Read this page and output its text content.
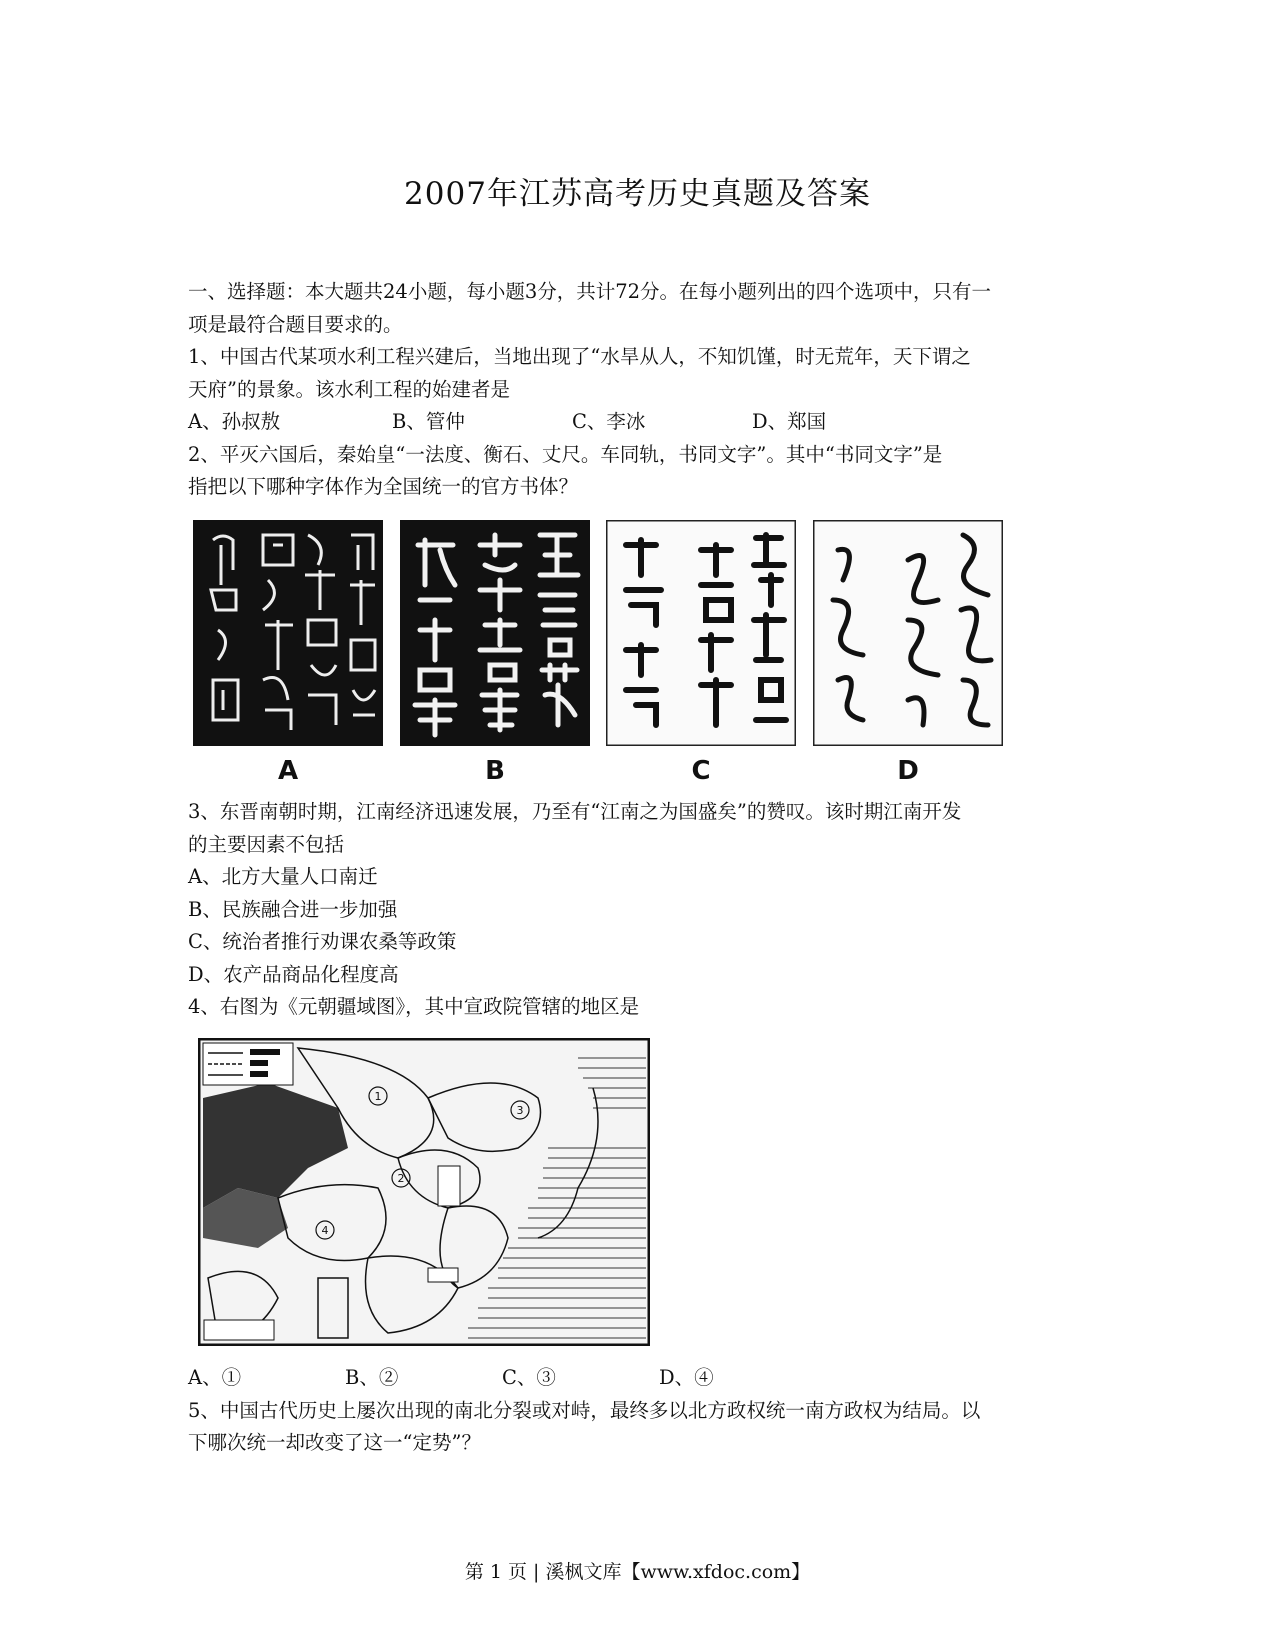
2007年江苏高考历史真题及答案
一、选择题：本大题共24小题，每小题3分，共计72分。在每小题列出的四个选项中，只有一
项是最符合题目要求的。
1、中国古代某项水利工程兴建后，当地出现了“水旱从人，不知饥馑，时无荒年，天下谓之
天府”的景象。该水利工程的始建者是
A、孙叔敖	B、管仲	C、李冰	D、郑国
2、平灭六国后，秦始皇“一法度、衡石、丈尺。车同轨，书同文字”。其中“书同文字”是
指把以下哪种字体作为全国统一的官方书体？
A	B	C	D
3、东晋南朝时期，江南经济迅速发展，乃至有“江南之为国盛矣”的赞叹。该时期江南开发
的主要因素不包括
A、北方大量人口南迁
B、民族融合进一步加强
C、统治者推行劝课农桑等政策
D、农产品商品化程度高
4、右图为《元朝疆域图》，其中宣政院管辖的地区是
1
3
2
4
A、①	B、②	C、③	D、④
5、中国古代历史上屡次出现的南北分裂或对峙，最终多以北方政权统一南方政权为结局。以
下哪次统一却改变了这一“定势”？
第 1 页 | 溪枫文库【www.xfdoc.com】
